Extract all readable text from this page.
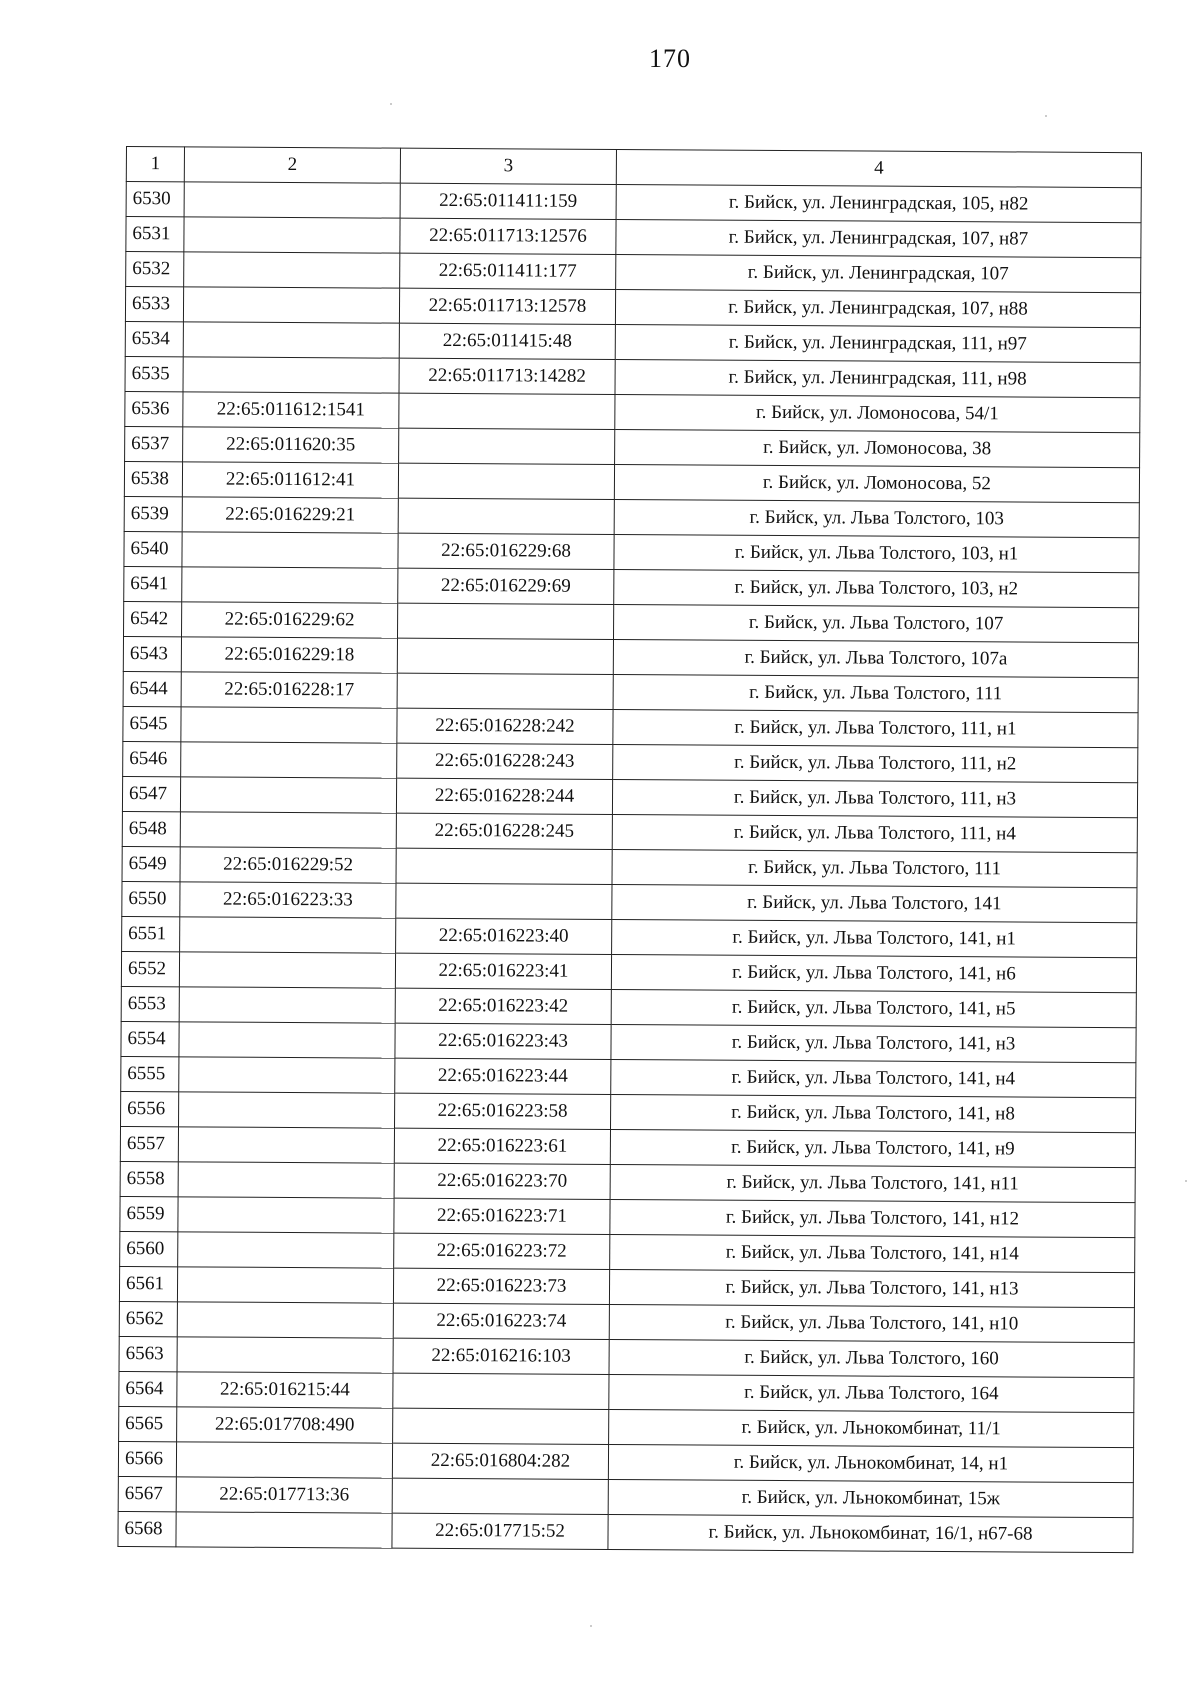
170
1	2	3	4
6530		22:65:011411:159	г. Бийск, ул. Ленинградская, 105, н82
6531		22:65:011713:12576	г. Бийск, ул. Ленинградская, 107, н87
6532		22:65:011411:177	г. Бийск, ул. Ленинградская, 107
6533		22:65:011713:12578	г. Бийск, ул. Ленинградская, 107, н88
6534		22:65:011415:48	г. Бийск, ул. Ленинградская, 111, н97
6535		22:65:011713:14282	г. Бийск, ул. Ленинградская, 111, н98
6536	22:65:011612:1541		г. Бийск, ул. Ломоносова, 54/1
6537	22:65:011620:35		г. Бийск, ул. Ломоносова, 38
6538	22:65:011612:41		г. Бийск, ул. Ломоносова, 52
6539	22:65:016229:21		г. Бийск, ул. Льва Толстого, 103
6540		22:65:016229:68	г. Бийск, ул. Льва Толстого, 103, н1
6541		22:65:016229:69	г. Бийск, ул. Льва Толстого, 103, н2
6542	22:65:016229:62		г. Бийск, ул. Льва Толстого, 107
6543	22:65:016229:18		г. Бийск, ул. Льва Толстого, 107а
6544	22:65:016228:17		г. Бийск, ул. Льва Толстого, 111
6545		22:65:016228:242	г. Бийск, ул. Льва Толстого, 111, н1
6546		22:65:016228:243	г. Бийск, ул. Льва Толстого, 111, н2
6547		22:65:016228:244	г. Бийск, ул. Льва Толстого, 111, н3
6548		22:65:016228:245	г. Бийск, ул. Льва Толстого, 111, н4
6549	22:65:016229:52		г. Бийск, ул. Льва Толстого, 111
6550	22:65:016223:33		г. Бийск, ул. Льва Толстого, 141
6551		22:65:016223:40	г. Бийск, ул. Льва Толстого, 141, н1
6552		22:65:016223:41	г. Бийск, ул. Льва Толстого, 141, н6
6553		22:65:016223:42	г. Бийск, ул. Льва Толстого, 141, н5
6554		22:65:016223:43	г. Бийск, ул. Льва Толстого, 141, н3
6555		22:65:016223:44	г. Бийск, ул. Льва Толстого, 141, н4
6556		22:65:016223:58	г. Бийск, ул. Льва Толстого, 141, н8
6557		22:65:016223:61	г. Бийск, ул. Льва Толстого, 141, н9
6558		22:65:016223:70	г. Бийск, ул. Льва Толстого, 141, н11
6559		22:65:016223:71	г. Бийск, ул. Льва Толстого, 141, н12
6560		22:65:016223:72	г. Бийск, ул. Льва Толстого, 141, н14
6561		22:65:016223:73	г. Бийск, ул. Льва Толстого, 141, н13
6562		22:65:016223:74	г. Бийск, ул. Льва Толстого, 141, н10
6563		22:65:016216:103	г. Бийск, ул. Льва Толстого, 160
6564	22:65:016215:44		г. Бийск, ул. Льва Толстого, 164
6565	22:65:017708:490		г. Бийск, ул. Льнокомбинат, 11/1
6566		22:65:016804:282	г. Бийск, ул. Льнокомбинат, 14, н1
6567	22:65:017713:36		г. Бийск, ул. Льнокомбинат, 15ж
6568		22:65:017715:52	г. Бийск, ул. Льнокомбинат, 16/1, н67-68
